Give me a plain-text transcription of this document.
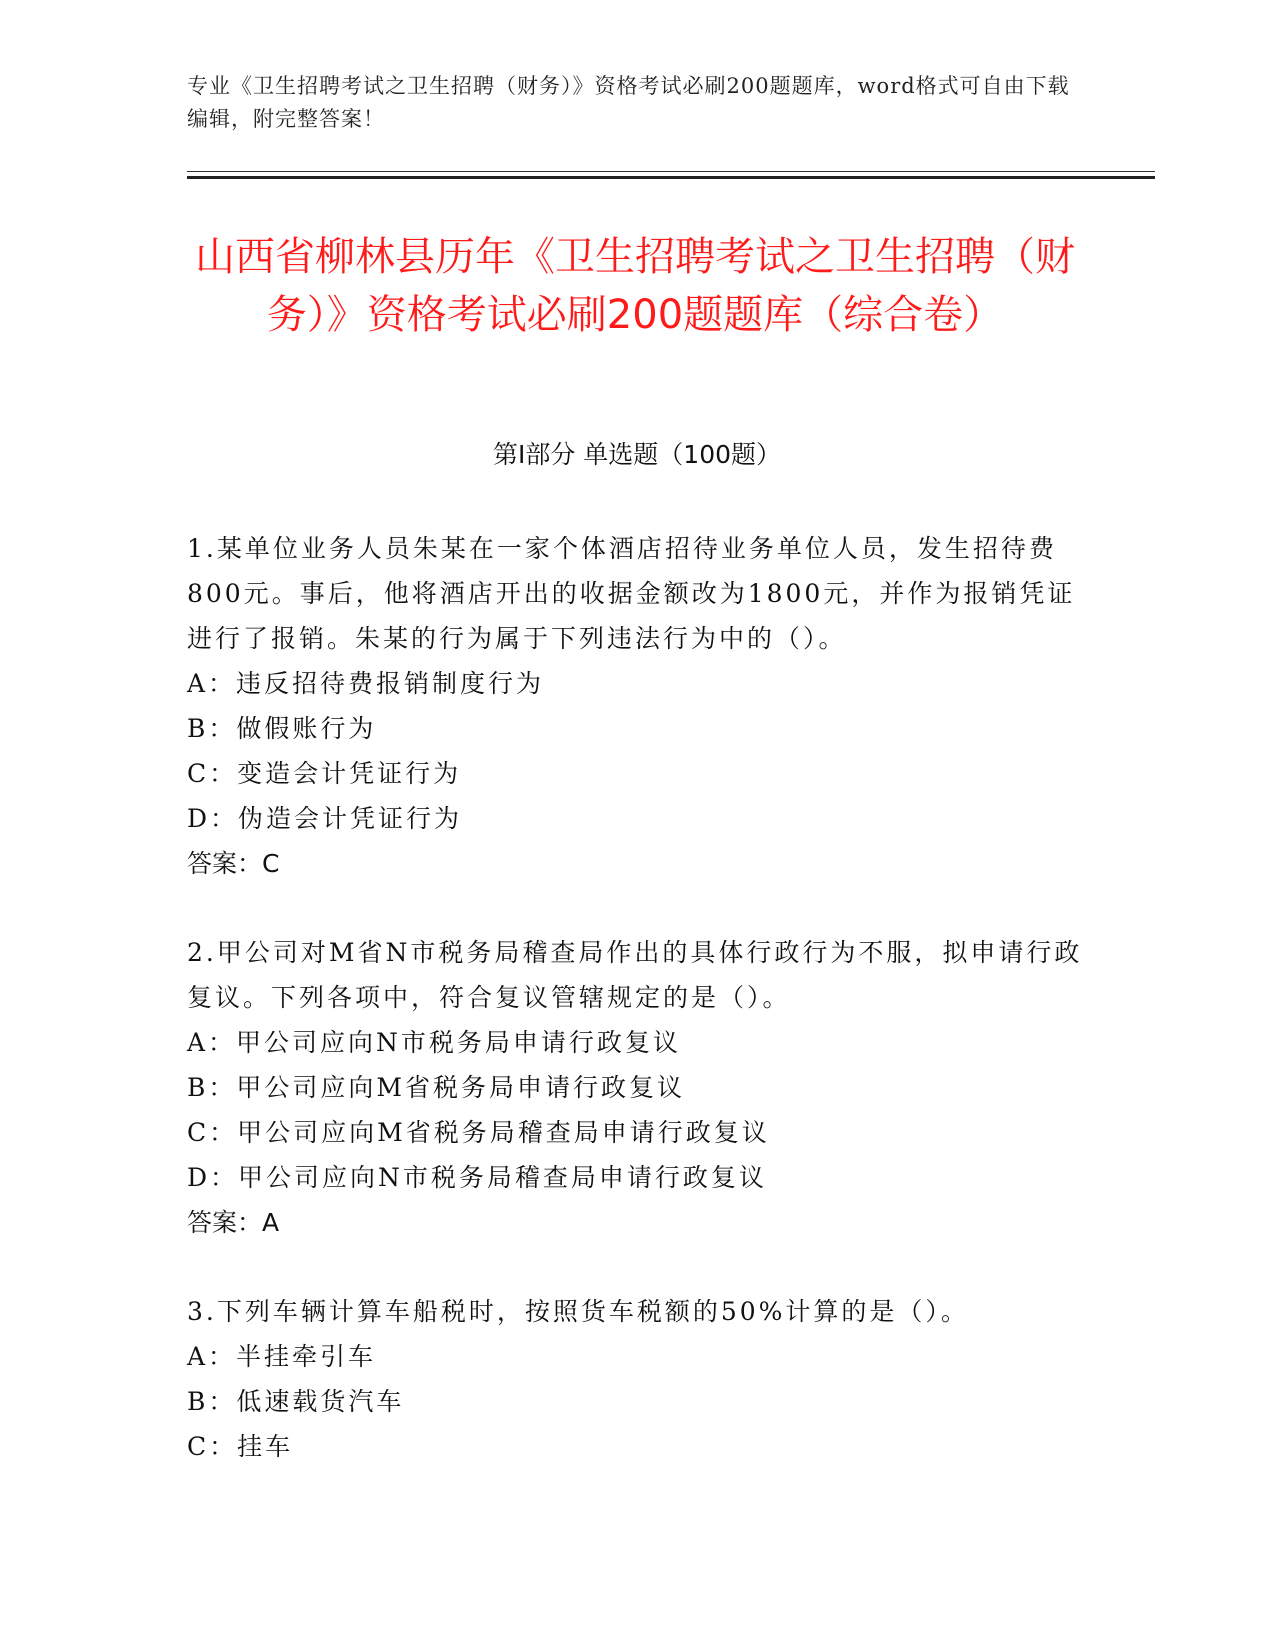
专业《卫生招聘考试之卫生招聘（财务）》资格考试必刷200题题库，word格式可自由下载编辑，附完整答案！
山西省柳林县历年《卫生招聘考试之卫生招聘（财务）》资格考试必刷200题题库（综合卷）
第Ⅰ部分 单选题（100题）
1.某单位业务人员朱某在一家个体酒店招待业务单位人员，发生招待费800元。事后，他将酒店开出的收据金额改为1800元，并作为报销凭证进行了报销。朱某的行为属于下列违法行为中的（）。
A：违反招待费报销制度行为
B：做假账行为
C：变造会计凭证行为
D：伪造会计凭证行为
答案：C
2.甲公司对M省N市税务局稽查局作出的具体行政行为不服，拟申请行政复议。下列各项中，符合复议管辖规定的是（）。
A：甲公司应向N市税务局申请行政复议
B：甲公司应向M省税务局申请行政复议
C：甲公司应向M省税务局稽查局申请行政复议
D：甲公司应向N市税务局稽查局申请行政复议
答案：A
3.下列车辆计算车船税时，按照货车税额的50%计算的是（）。
A：半挂牵引车
B：低速载货汽车
C：挂车
